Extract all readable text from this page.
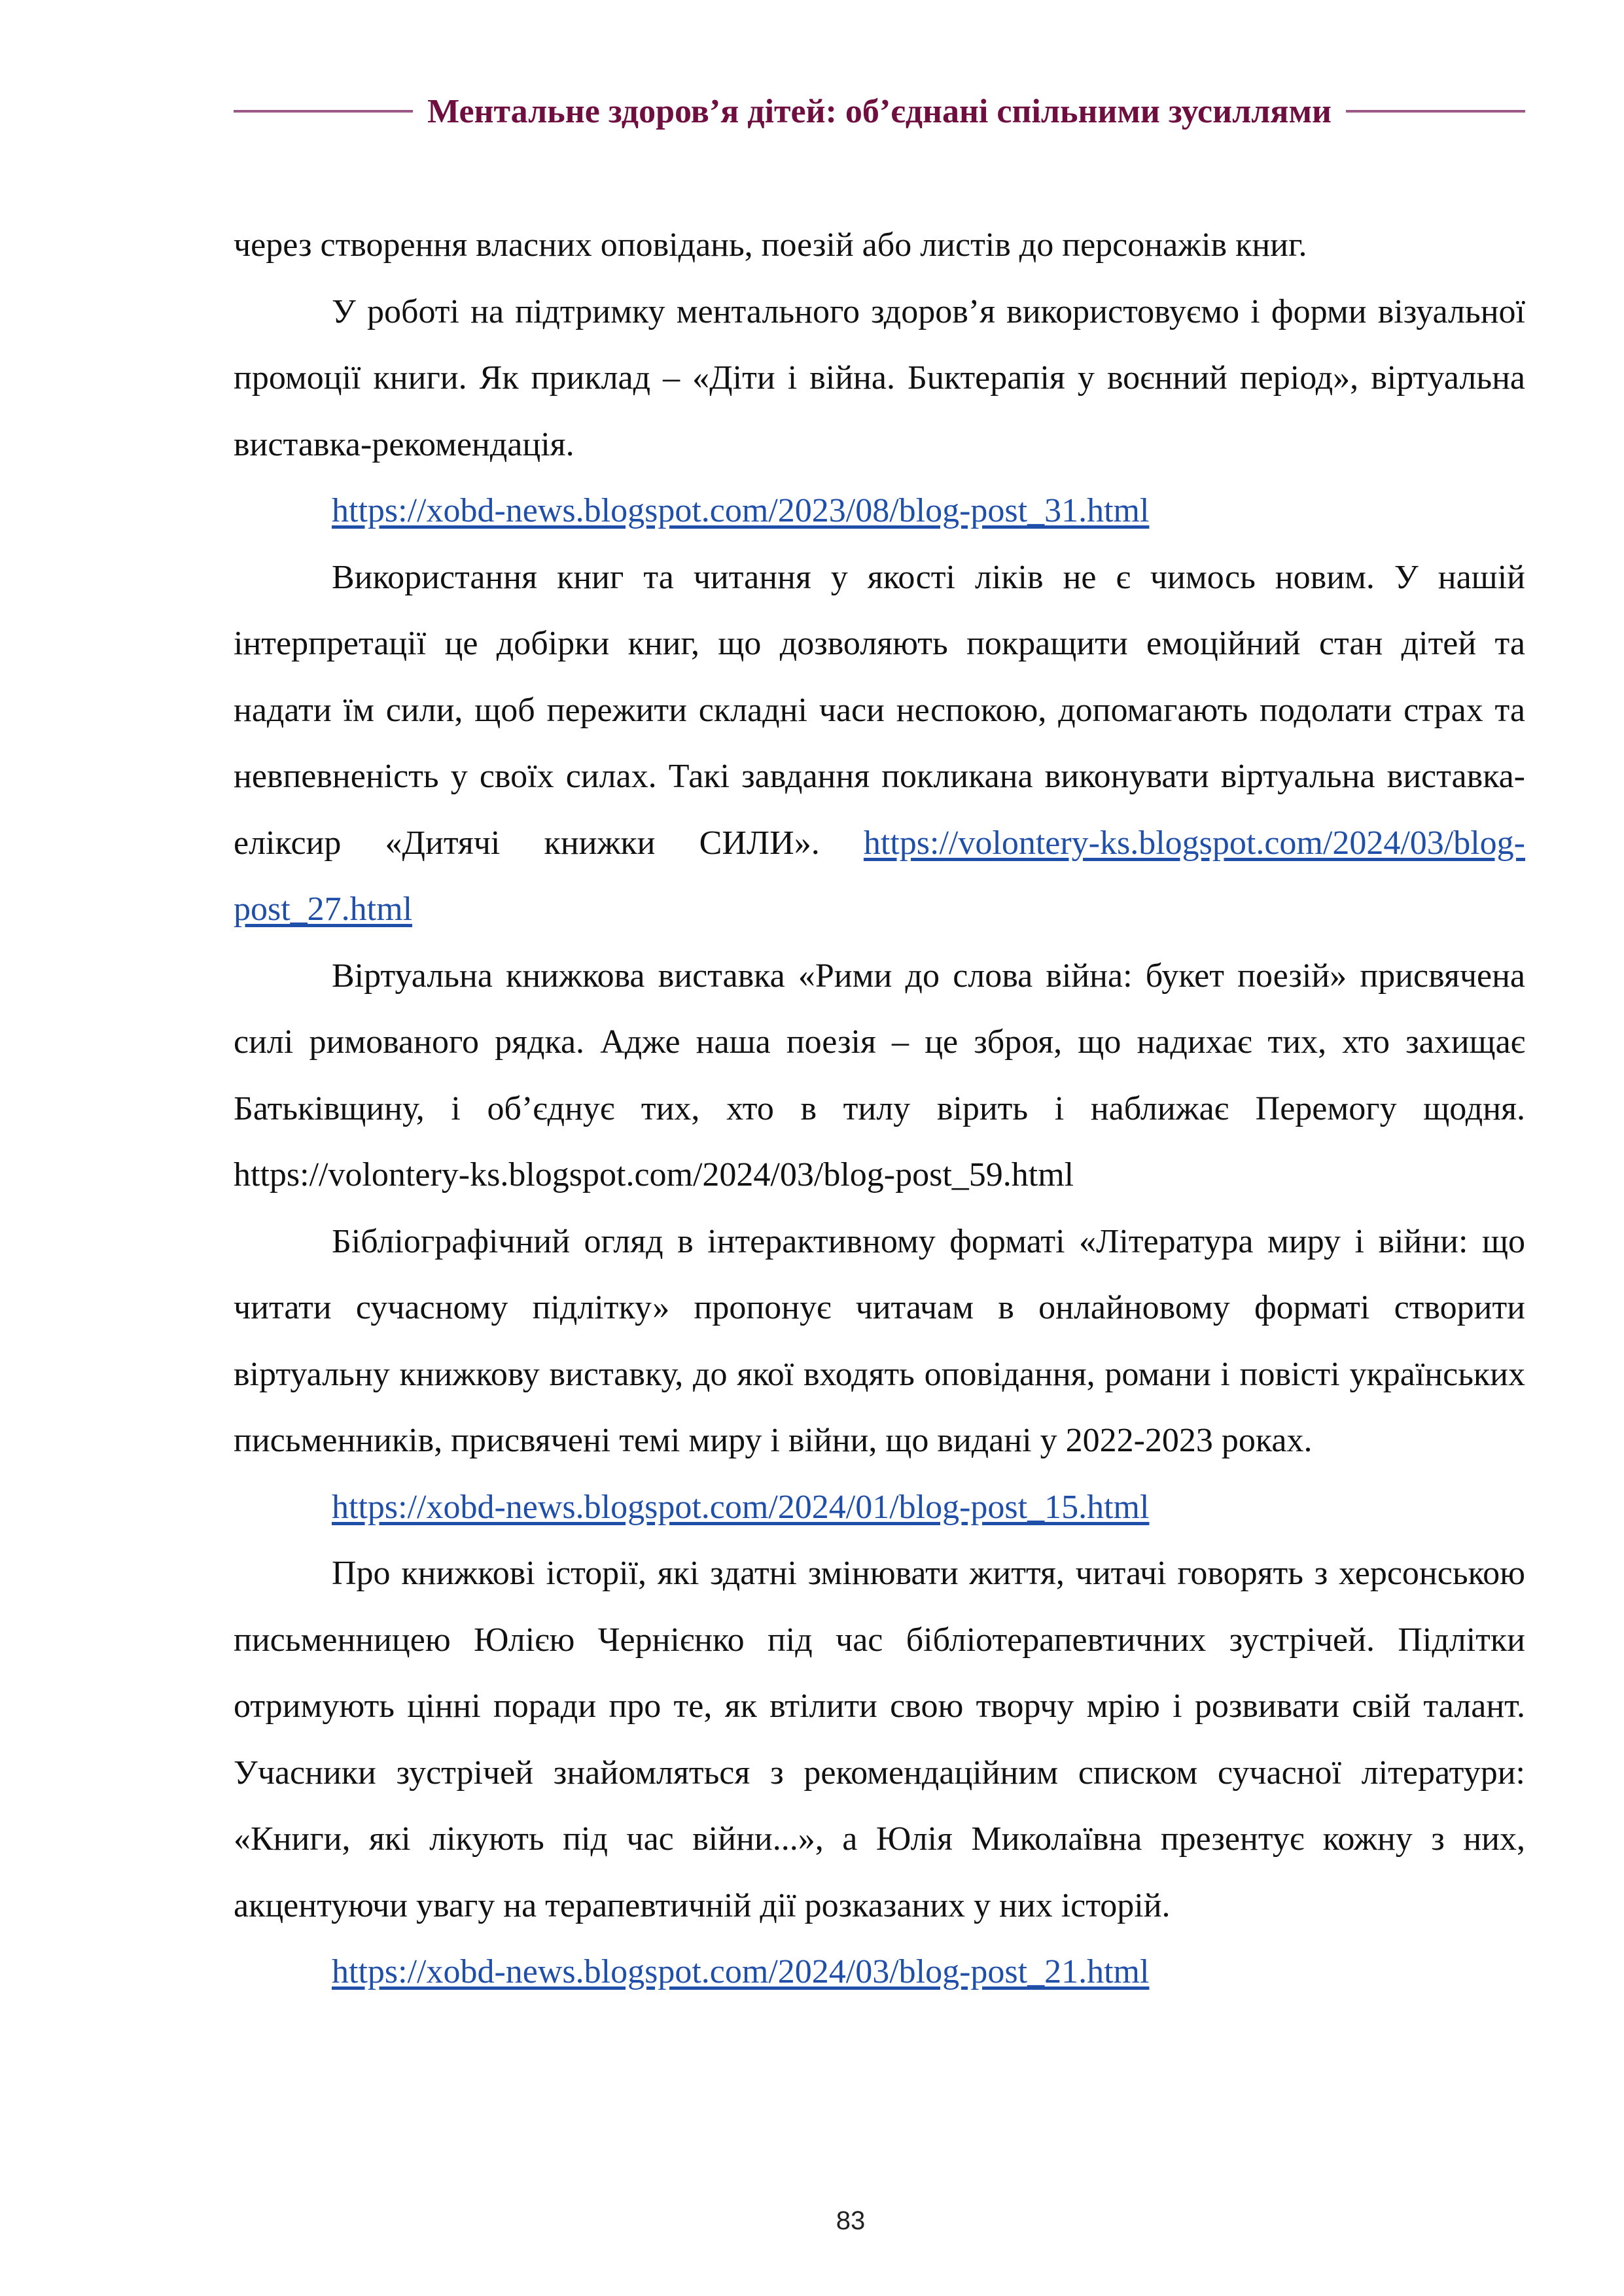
Ментальне здоров’я дітей: об’єднані спільними зусиллями

через створення власних оповідань, поезій або листів до персонажів книг.

У роботі на підтримку ментального здоров’я використовуємо і форми візуальної промоції книги. Як приклад – «Діти і війна. Бuктерапія у воєнний період», віртуальна виставка-рекомендація.

https://xobd-news.blogspot.com/2023/08/blog-post_31.html

Використання книг та читання у якості ліків не є чимось новим. У нашій інтерпретації це добірки книг, що дозволяють покращити емоційний стан дітей та надати їм сили, щоб пережити складні часи неспокою, допомагають подолати страх та невпевненість у своїх силах. Такі завдання покликана виконувати віртуальна виставка-еліксир «Дитячі книжки СИЛИ». https://volontery-ks.blogspot.com/2024/03/blog-post_27.html

Віртуальна книжкова виставка «Рими до слова війна: букет поезій» присвячена силі римованого рядка. Адже наша поезія – це зброя, що надихає тих, хто захищає Батьківщину, і об’єднує тих, хто в тилу вірить і наближає Перемогу щодня. https://volontery-ks.blogspot.com/2024/03/blog-post_59.html

Бібліографічний огляд в інтерактивному форматі «Література миру і війни: що читати сучасному підлітку» пропонує читачам в онлайновому форматі створити віртуальну книжкову виставку, до якої входять оповідання, романи і повісті українських письменників, присвячені темі миру і війни, що видані у 2022-2023 роках.

https://xobd-news.blogspot.com/2024/01/blog-post_15.html

Про книжкові історії, які здатні змінювати життя, читачі говорять з херсонською письменницею Юлією Чернієнко під час бібліотерапевтичних зустрічей. Підлітки отримують цінні поради про те, як втілити свою творчу мрію і розвивати свій талант. Учасники зустрічей знайомляться з рекомендаційним списком сучасної літератури: «Книги, які лікують під час війни...», а Юлія Миколаївна презентує кожну з них, акцентуючи увагу на терапевтичній дії розказаних у них історій.

https://xobd-news.blogspot.com/2024/03/blog-post_21.html
83
